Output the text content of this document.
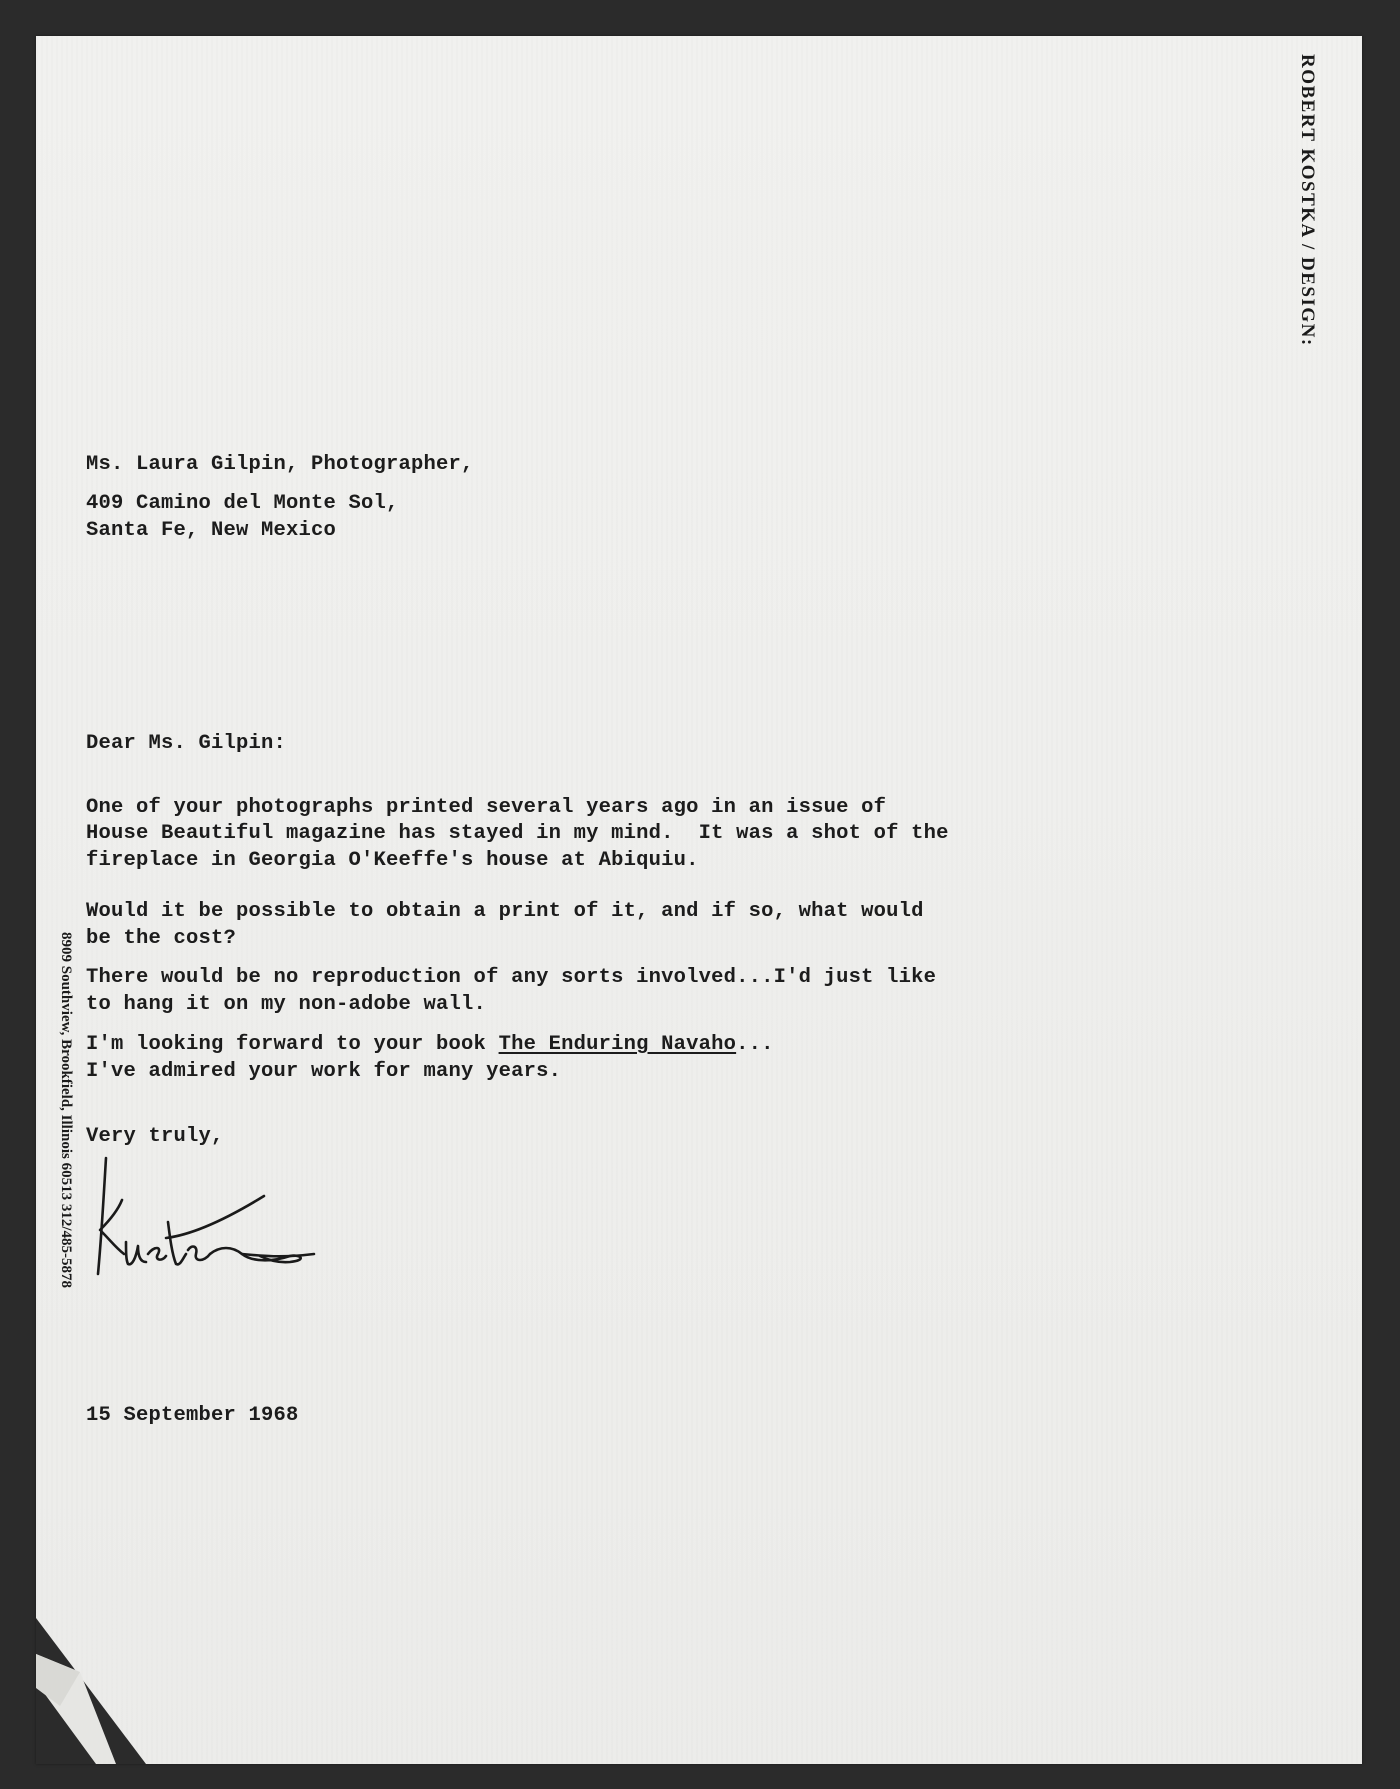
ROBERT KOSTKA / DESIGN:
8909 Southview, Brookfield, Illinois 60513 312/485-5878
Ms. Laura Gilpin, Photographer,
409 Camino del Monte Sol,
Santa Fe, New Mexico
Dear Ms. Gilpin:
One of your photographs printed several years ago in an issue of
House Beautiful magazine has stayed in my mind.  It was a shot of the
fireplace in Georgia O'Keeffe's house at Abiquiu.
Would it be possible to obtain a print of it, and if so, what would
be the cost?
There would be no reproduction of any sorts involved...I'd just like
to hang it on my non-adobe wall.
I'm looking forward to your book The Enduring Navaho...
I've admired your work for many years.
Very truly,
15 September 1968
